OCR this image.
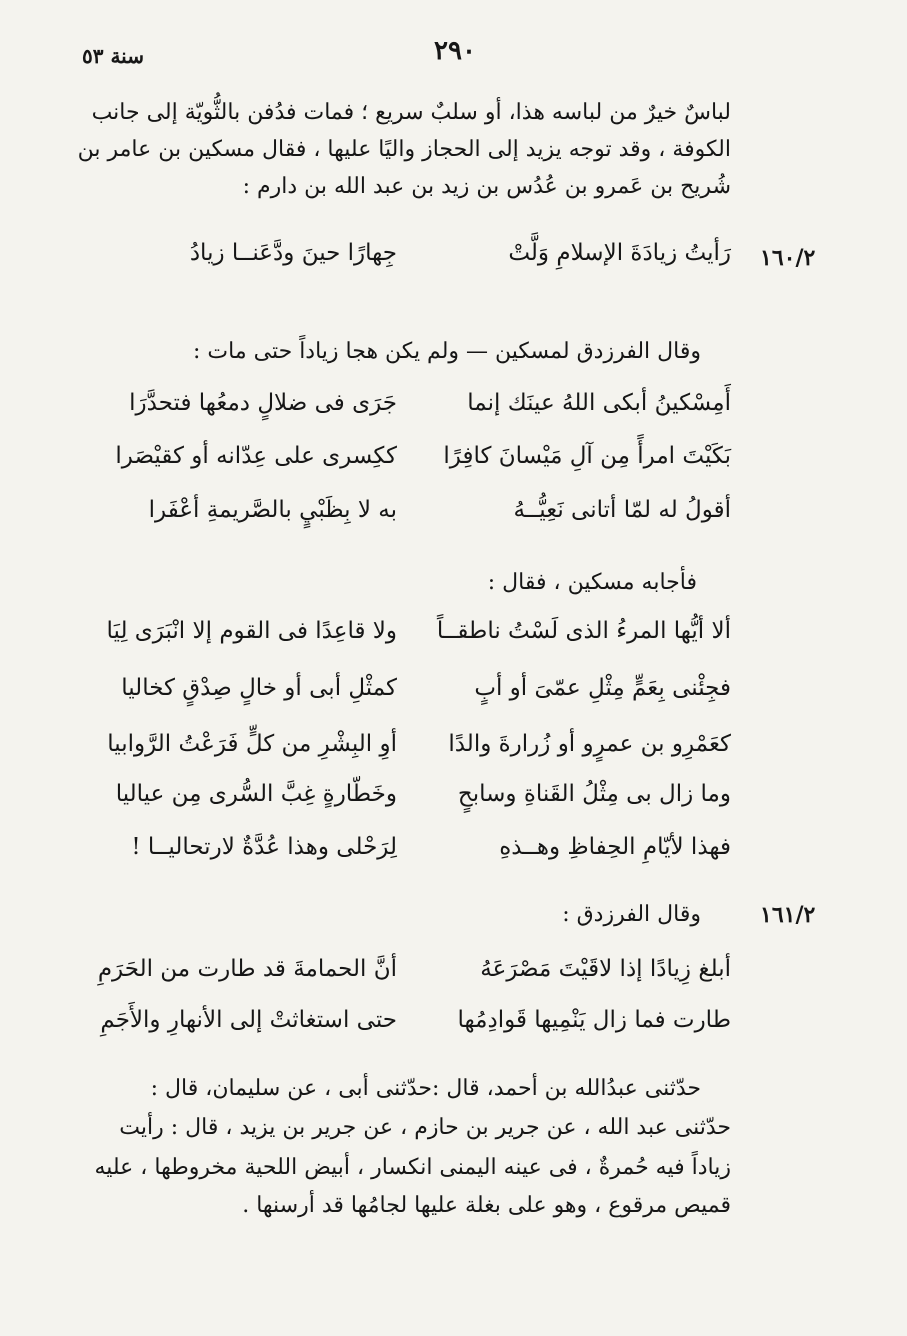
٢٩٠
سنة ٥٣
لباسٌ خيرٌ من لباسه هذا، أو سلبٌ سريع ؛ فمات فدُفن بالثُّويّة إلى جانب
الكوفة ، وقد توجه يزيد إلى الحجاز واليًا عليها ، فقال مسكين بن عامر بن
شُريح بن عَمرو بن عُدُس بن زيد بن عبد الله بن دارم :
١٦٠/٢
رَأيتُ زيادَةَ الإسلامِ وَلَّتْ
جِهارًا حينَ ودَّعَنــا زيادُ
وقال الفرزدق لمسكين — ولم يكن هجا زياداً حتى مات :
أَمِسْكينُ أبكى اللهُ عينَك إنما
جَرَى فى ضلالٍ دمعُها فتحدَّرَا
بَكَيْتَ امرأً مِن آلِ مَيْسانَ كافِرًا
ككِسرى على عِدّانه أو كقيْصَرا
أقولُ له لمّا أتانى نَعِيُّــهُ
به لا بِظَبْيٍ بالصَّريمةِ أعْفَرا
فأجابه مسكين ، فقال :
ألا أيُّها المرءُ الذى لَسْتُ ناطقــاً
ولا قاعِدًا فى القوم إلا انْبَرَى لِيَا
فجِئْنى بِعَمٍّ مِثْلِ عمّىَ أو أبٍ
كمثْلِ أبى أو خالٍ صِدْقٍ كخاليا
كعَمْرِو بن عمرٍو أو زُرارةَ والدًا
أوِ البِشْرِ من كلٍّ فَرَعْتُ الرَّوابيا
وما زال بى مِثْلُ القَناةِ وسابحٍ
وخَطّارةٍ غِبَّ السُّرى مِن عياليا
فهذا لأيّامِ الحِفاظِ وهــذهِ
لِرَحْلى وهذا عُدَّةٌ لارتحاليــا !
١٦١/٢
وقال الفرزدق :
أبلغ زِيادًا إذا لاقَيْتَ مَصْرَعَهُ
أنَّ الحمامةَ قد طارت من الحَرَمِ
طارت فما زال يَنْمِيها قَوادِمُها
حتى استغاثتْ إلى الأنهارِ والأَجَمِ
حدّثنى عبدُالله بن أحمد، قال :حدّثنى أبى ، عن سليمان، قال :
حدّثنى عبد الله ، عن جرير بن حازم ، عن جرير بن يزيد ، قال : رأيت
زياداً فيه حُمرةٌ ، فى عينه اليمنى انكسار ، أبيض اللحية مخروطها ، عليه
قميص مرقوع ، وهو على بغلة عليها لجامُها قد أرسنها .
